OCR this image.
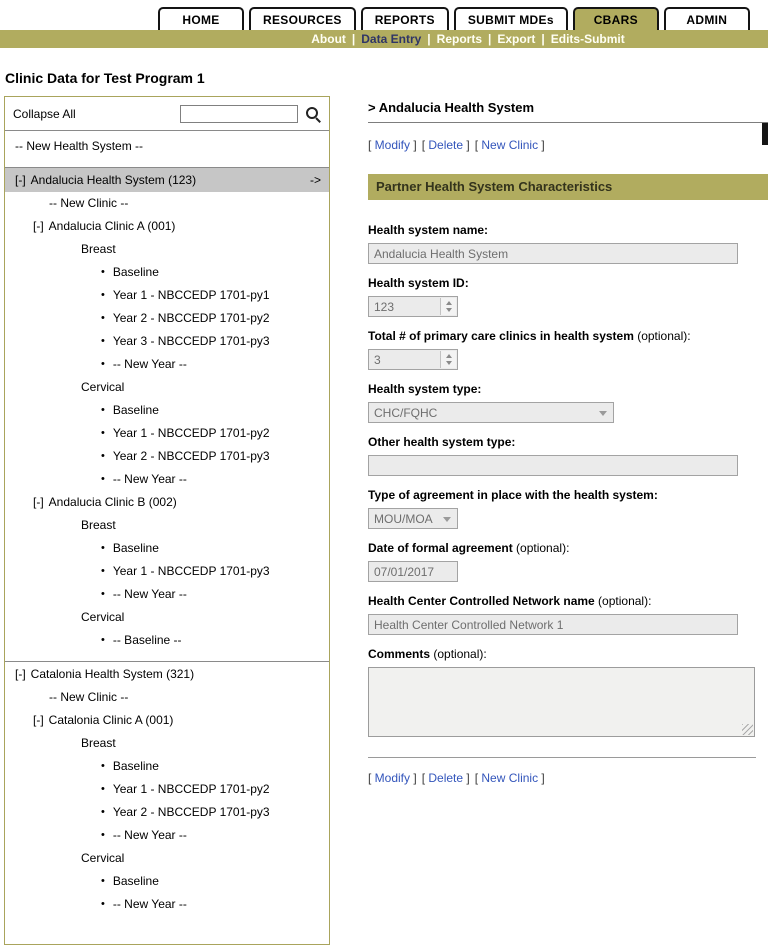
HOME	RESOURCES	REPORTS	SUBMIT MDEs	CBARS	ADMIN
About | Data Entry | Reports | Export | Edits-Submit
Clinic Data for Test Program 1
Collapse All
-- New Health System --
[-] Andalucia Health System (123)	->
-- New Clinic --
[-] Andalucia Clinic A (001)
Breast
• Baseline
• Year 1 - NBCCEDP 1701-py1
• Year 2 - NBCCEDP 1701-py2
• Year 3 - NBCCEDP 1701-py3
• -- New Year --
Cervical
• Baseline
• Year 1 - NBCCEDP 1701-py2
• Year 2 - NBCCEDP 1701-py3
• -- New Year --
[-] Andalucia Clinic B (002)
Breast
• Baseline
• Year 1 - NBCCEDP 1701-py3
• -- New Year --
Cervical
• -- Baseline --
[-] Catalonia Health System (321)
-- New Clinic --
[-] Catalonia Clinic A (001)
Breast
• Baseline
• Year 1 - NBCCEDP 1701-py2
• Year 2 - NBCCEDP 1701-py3
• -- New Year --
Cervical
• Baseline
• -- New Year --
> Andalucia Health System
[ Modify ] [ Delete ] [ New Clinic ]
Partner Health System Characteristics
Health system name:
Andalucia Health System
Health system ID:
123
Total # of primary care clinics in health system (optional):
3
Health system type:
CHC/FQHC
Other health system type:
Type of agreement in place with the health system:
MOU/MOA
Date of formal agreement (optional):
07/01/2017
Health Center Controlled Network name (optional):
Health Center Controlled Network 1
Comments (optional):
[ Modify ] [ Delete ] [ New Clinic ]
